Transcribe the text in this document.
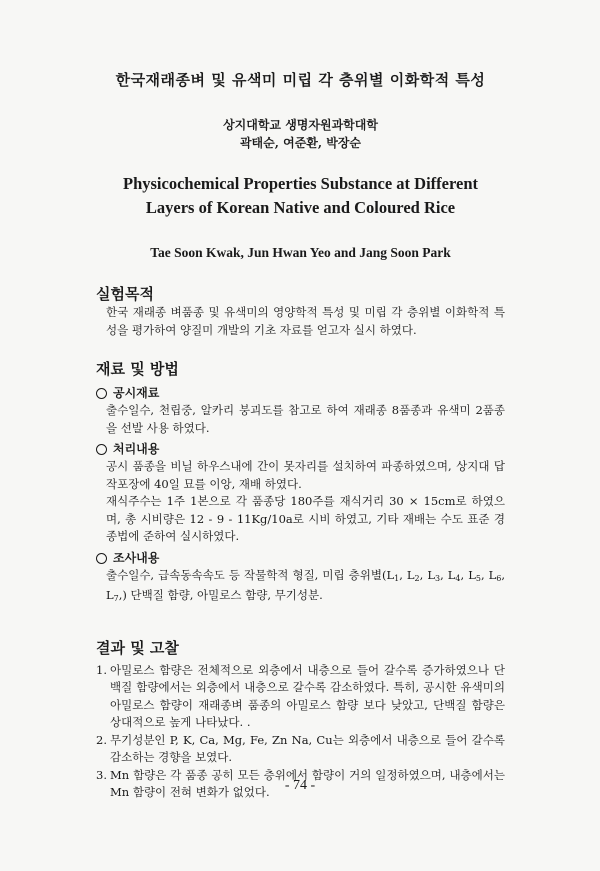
한국재래종벼 및 유색미 미립 각 층위별 이화학적 특성

상지대학교 생명자원과학대학

곽태순, 여준환, 박장순

Physicochemical Properties Substance at Different
Layers of Korean Native and Coloured Rice

Tae Soon Kwak, Jun Hwan Yeo and Jang Soon Park

실험목적

한국 재래종 벼품종 및 유색미의 영양학적 특성 및 미립 각 층위별 이화학적 특성을 평가하여 양질미 개발의 기초 자료를 얻고자 실시 하였다.

재료 및 방법
공시재료

출수일수, 천립중, 알카리 붕괴도를 참고로 하여 재래종 8품종과 유색미 2품종을 선발 사용 하였다.

처리내용

공시 품종을 비닐 하우스내에 간이 못자리를 설치하여 파종하였으며, 상지대 답작포장에 40일 묘를 이앙, 재배 하였다.

재식주수는 1주 1본으로 각 품종당 180주를 재식거리 30 × 15cm로 하였으며, 총 시비량은 12 - 9 - 11Kg/10a로 시비 하였고, 기타 재배는 수도 표준 경종법에 준하여 실시하였다.

조사내용

출수일수, 급속동속속도 등 작물학적 형질, 미립 층위별($L_1$, $L_2$, $L_3$, $L_4$, $L_5$, $L_6$, $L_7$,) 단백질 함량, 아밀로스 함량, 무기성분.

결과 및 고찰
1. 아밀로스 함량은 전체적으로 외층에서 내층으로 들어 갈수록 증가하였으나 단백질 함량에서는 외층에서 내층으로 갈수록 감소하였다. 특히, 공시한 유색미의 아밀로스 함량이 재래종벼 품종의 아밀로스 함량 보다 낮았고, 단백질 함량은 상대적으로 높게 나타났다. .
2. 무기성분인 P, K, Ca, Mg, Fe, Zn Na, Cu는 외층에서 내층으로 들어 갈수록 감소하는 경향을 보였다.
3. Mn 함량은 각 품종 공히 모든 층위에서 함량이 거의 일정하였으며, 내층에서는 Mn 함량이 전혀 변화가 없었다.	- 74 -
